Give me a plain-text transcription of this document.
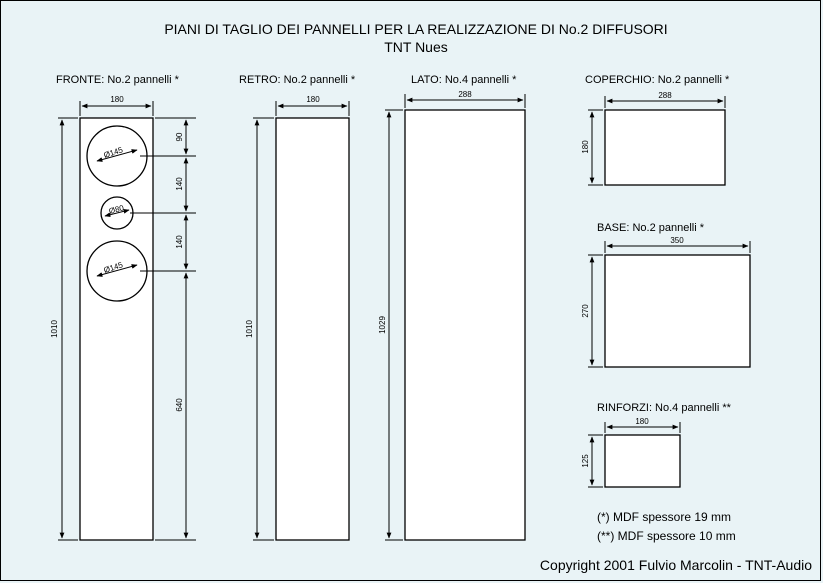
PIANI DI TAGLIO DEI PANNELLI PER LA REALIZZAZIONE DI No.2 DIFFUSORI
TNT Nues
FRONTE: No.2 pannelli *
180
1010
Ø145
Ø80
Ø145
90
140
140
640
RETRO: No.2 pannelli *
180
1010
LATO: No.4 pannelli *
288
1029
COPERCHIO: No.2 pannelli *
288
180
BASE: No.2 pannelli *
350
270
RINFORZI: No.4 pannelli **
180
125
(*) MDF spessore 19 mm
(**) MDF spessore 10 mm
Copyright 2001 Fulvio Marcolin - TNT-Audio
